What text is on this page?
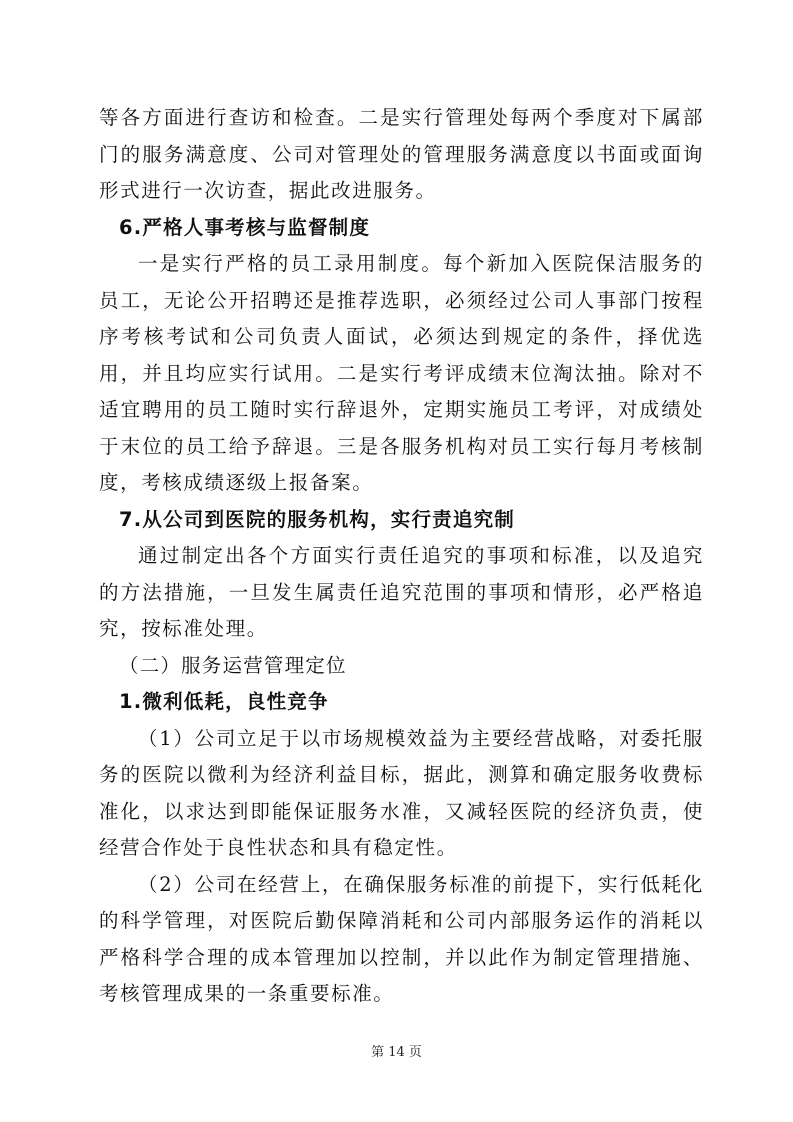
等各方面进行查访和检查。二是实行管理处每两个季度对下属部门的服务满意度、公司对管理处的管理服务满意度以书面或面询形式进行一次访查，据此改进服务。

6.严格人事考核与监督制度

一是实行严格的员工录用制度。每个新加入医院保洁服务的员工，无论公开招聘还是推荐选职，必须经过公司人事部门按程序考核考试和公司负责人面试，必须达到规定的条件，择优选用，并且均应实行试用。二是实行考评成绩末位淘汰抽。除对不适宜聘用的员工随时实行辞退外，定期实施员工考评，对成绩处于末位的员工给予辞退。三是各服务机构对员工实行每月考核制度，考核成绩逐级上报备案。

7.从公司到医院的服务机构，实行责追究制

通过制定出各个方面实行责任追究的事项和标准，以及追究的方法措施，一旦发生属责任追究范围的事项和情形，必严格追究，按标准处理。

（二）服务运营管理定位

1.微利低耗，良性竞争

（1）公司立足于以市场规模效益为主要经营战略，对委托服务的医院以微利为经济利益目标，据此，测算和确定服务收费标准化，以求达到即能保证服务水准，又减轻医院的经济负责，使经营合作处于良性状态和具有稳定性。

（2）公司在经营上，在确保服务标准的前提下，实行低耗化的科学管理，对医院后勤保障消耗和公司内部服务运作的消耗以严格科学合理的成本管理加以控制，并以此作为制定管理措施、考核管理成果的一条重要标准。

第 14 页
